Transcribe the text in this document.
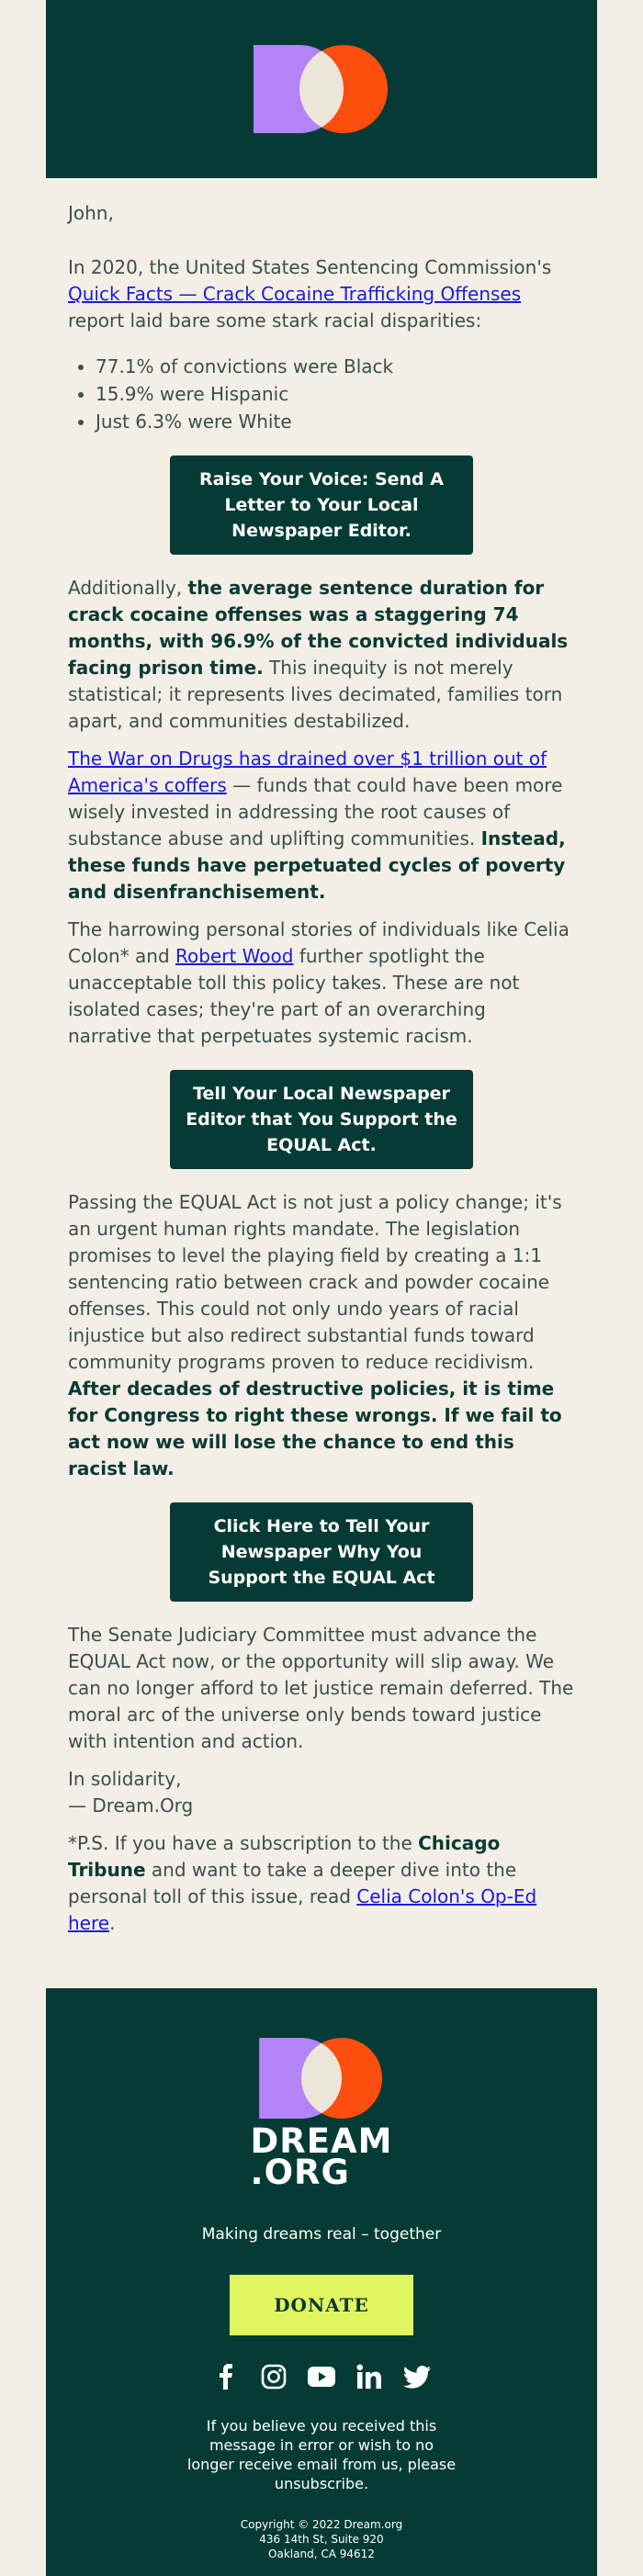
John,

In 2020, the United States Sentencing Commission's
Quick Facts — Crack Cocaine Trafficking Offenses
report laid bare some stark racial disparities:

• 77.1% of convictions were Black
• 15.9% were Hispanic
• Just 6.3% were White
Raise Your Voice: Send A Letter to Your Local Newspaper Editor.

Additionally, the average sentence duration for crack cocaine offenses was a staggering 74 months, with 96.9% of the convicted individuals facing prison time. This inequity is not merely statistical; it represents lives decimated, families torn apart, and communities destabilized.

The War on Drugs has drained over $1 trillion out of America's coffers — funds that could have been more wisely invested in addressing the root causes of substance abuse and uplifting communities. Instead, these funds have perpetuated cycles of poverty and disenfranchisement.

The harrowing personal stories of individuals like Celia Colon* and Robert Wood further spotlight the unacceptable toll this policy takes. These are not isolated cases; they're part of an overarching narrative that perpetuates systemic racism.

Tell Your Local Newspaper Editor that You Support the EQUAL Act.

Passing the EQUAL Act is not just a policy change; it's an urgent human rights mandate. The legislation promises to level the playing field by creating a 1:1 sentencing ratio between crack and powder cocaine offenses. This could not only undo years of racial injustice but also redirect substantial funds toward community programs proven to reduce recidivism. After decades of destructive policies, it is time for Congress to right these wrongs. If we fail to act now we will lose the chance to end this racist law.

Click Here to Tell Your Newspaper Why You Support the EQUAL Act

The Senate Judiciary Committee must advance the EQUAL Act now, or the opportunity will slip away. We can no longer afford to let justice remain deferred. The moral arc of the universe only bends toward justice with intention and action.

In solidarity,
— Dream.Org

*P.S. If you have a subscription to the Chicago Tribune and want to take a deeper dive into the personal toll of this issue, read Celia Colon's Op-Ed here.

DREAM
.ORG
Making dreams real – together
DONATE
If you believe you received this message in error or wish to no longer receive email from us, please unsubscribe.
Copyright © 2022 Dream.org
436 14th St, Suite 920
Oakland, CA 94612
